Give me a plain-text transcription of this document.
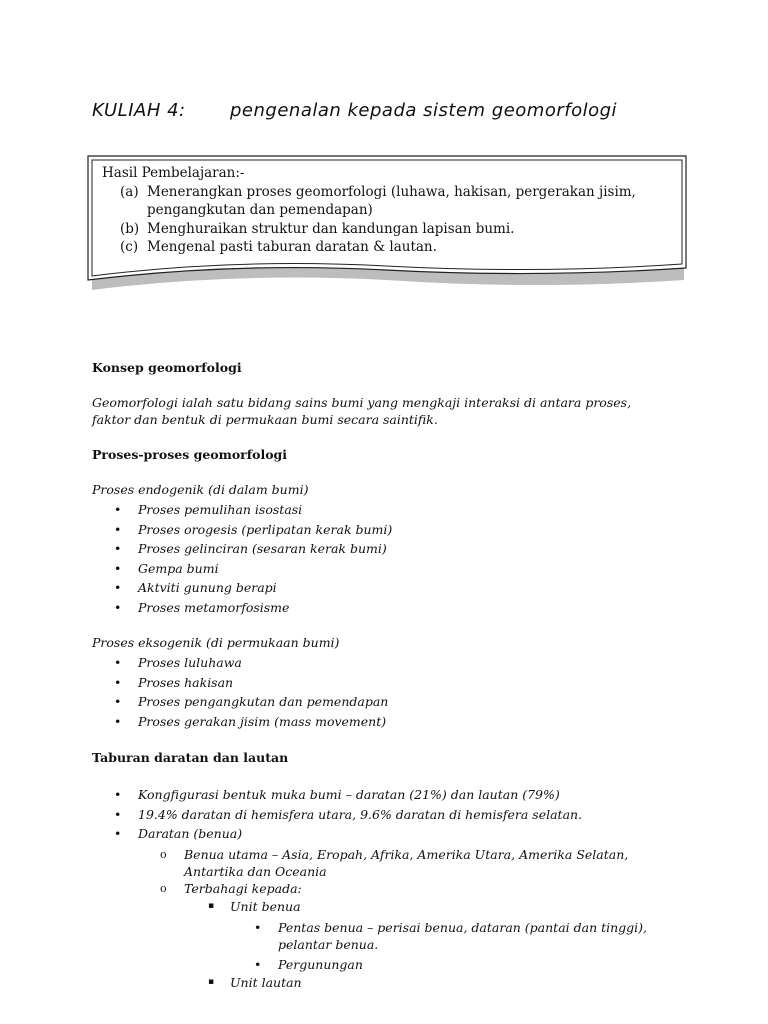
KULIAH 4: pengenalan kepada sistem geomorfologi
Hasil Pembelajaran:-
(a) Menerangkan proses geomorfologi (luhawa, hakisan, pergerakan jisim, pengangkutan dan pemendapan)
(b) Menghuraikan struktur dan kandungan lapisan bumi.
(c) Mengenal pasti taburan daratan & lautan.
Konsep geomorfologi
Geomorfologi ialah satu bidang sains bumi yang mengkaji interaksi di antara proses, faktor dan bentuk di permukaan bumi secara saintifik.
Proses-proses geomorfologi
Proses endogenik (di dalam bumi)
• Proses pemulihan isostasi
• Proses orogesis (perlipatan kerak bumi)
• Proses gelinciran (sesaran kerak bumi)
• Gempa bumi
• Aktviti gunung berapi
• Proses metamorfosisme
Proses eksogenik (di permukaan bumi)
• Proses luluhawa
• Proses hakisan
• Proses pengangkutan dan pemendapan
• Proses gerakan jisim (mass movement)
Taburan daratan dan lautan
• Kongfigurasi bentuk muka bumi – daratan (21%) dan lautan (79%)
• 19.4% daratan di hemisfera utara, 9.6% daratan di hemisfera selatan.
• Daratan (benua)
o Benua utama – Asia, Eropah, Afrika, Amerika Utara, Amerika Selatan, Antartika dan Oceania
o Terbahagi kepada:
▪ Unit benua
• Pentas benua – perisai benua, dataran (pantai dan tinggi), pelantar benua.
• Pergunungan
▪ Unit lautan
